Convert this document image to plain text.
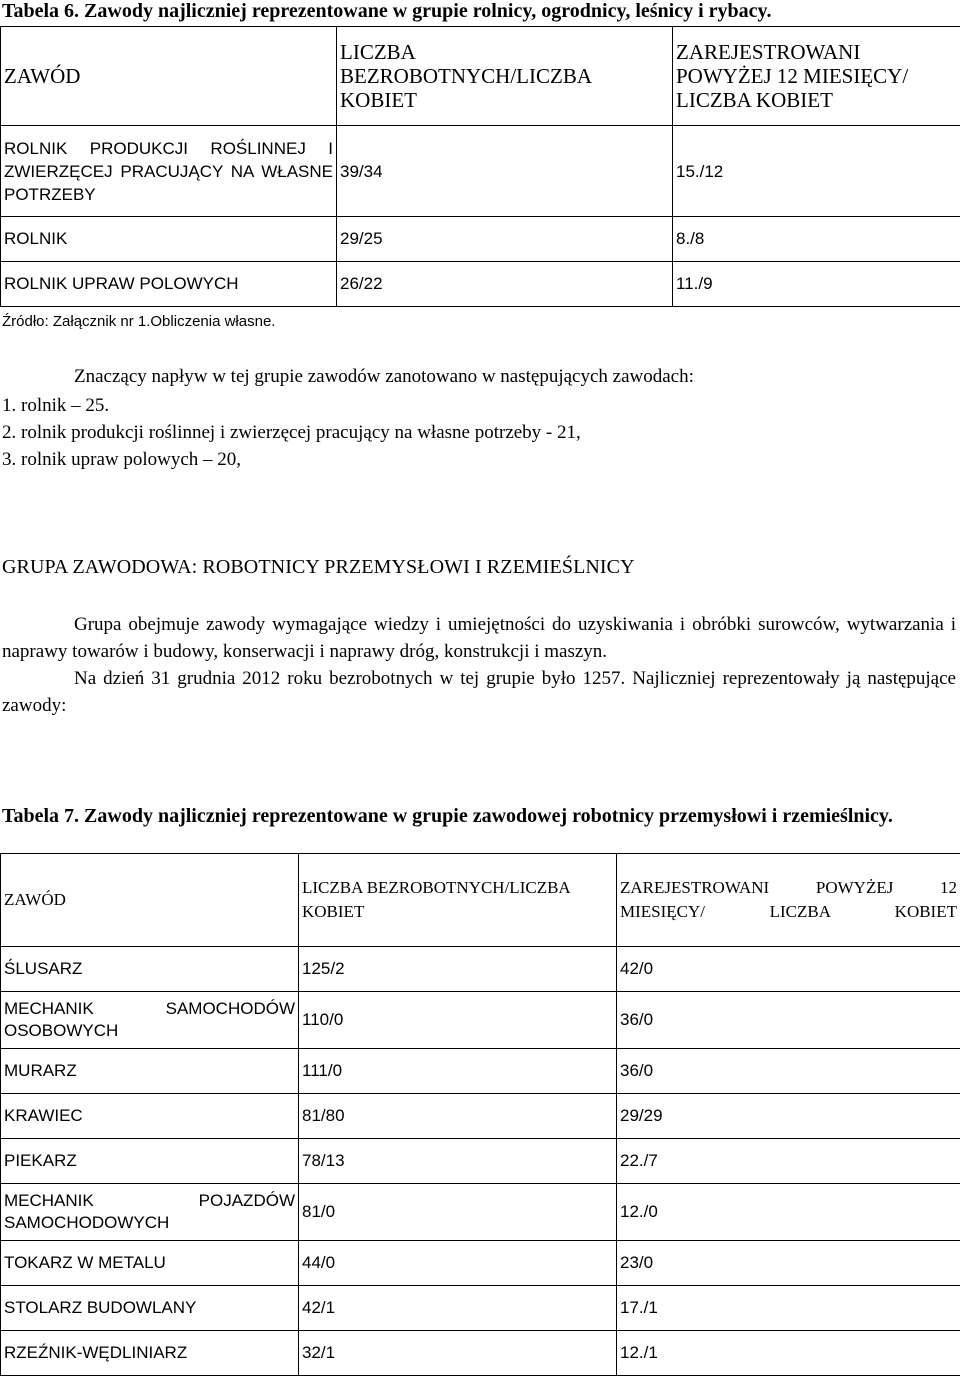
Tabela 6. Zawody najliczniej reprezentowane w grupie rolnicy, ogrodnicy, leśnicy i rybacy.
ZAWÓD	LICZBA BEZROBOTNYCH/LICZBA KOBIET	ZAREJESTROWANI POWYŻEJ 12 MIESIĘCY/ LICZBA KOBIET
ROLNIK PRODUKCJI ROŚLINNEJ I ZWIERZĘCEJ PRACUJĄCY NA WŁASNE POTRZEBY	39/34	15./12
ROLNIK	29/25	8./8
ROLNIK UPRAW POLOWYCH	26/22	11./9
Źródło: Załącznik nr 1.Obliczenia własne.
Znaczący napływ w tej grupie zawodów zanotowano w następujących zawodach:
1. rolnik – 25.
2. rolnik produkcji roślinnej i zwierzęcej pracujący na własne potrzeby - 21,
3. rolnik upraw polowych – 20,
GRUPA ZAWODOWA: ROBOTNICY PRZEMYSŁOWI I RZEMIEŚLNICY
Grupa obejmuje zawody wymagające wiedzy i umiejętności do uzyskiwania i obróbki surowców, wytwarzania i naprawy towarów i budowy, konserwacji i naprawy dróg, konstrukcji i maszyn.
Na dzień 31 grudnia 2012 roku bezrobotnych w tej grupie było 1257. Najliczniej reprezentowały ją następujące zawody:
Tabela 7. Zawody najliczniej reprezentowane w grupie zawodowej robotnicy przemysłowi i rzemieślnicy.
ZAWÓD	LICZBA BEZROBOTNYCH/LICZBA KOBIET	ZAREJESTROWANI POWYŻEJ 12 MIESIĘCY/ LICZBA KOBIET
ŚLUSARZ	125/2	42/0
MECHANIK SAMOCHODÓW OSOBOWYCH	110/0	36/0
MURARZ	111/0	36/0
KRAWIEC	81/80	29/29
PIEKARZ	78/13	22./7
MECHANIK POJAZDÓW SAMOCHODOWYCH	81/0	12./0
TOKARZ W METALU	44/0	23/0
STOLARZ BUDOWLANY	42/1	17./1
RZEŹNIK-WĘDLINIARZ	32/1	12./1
